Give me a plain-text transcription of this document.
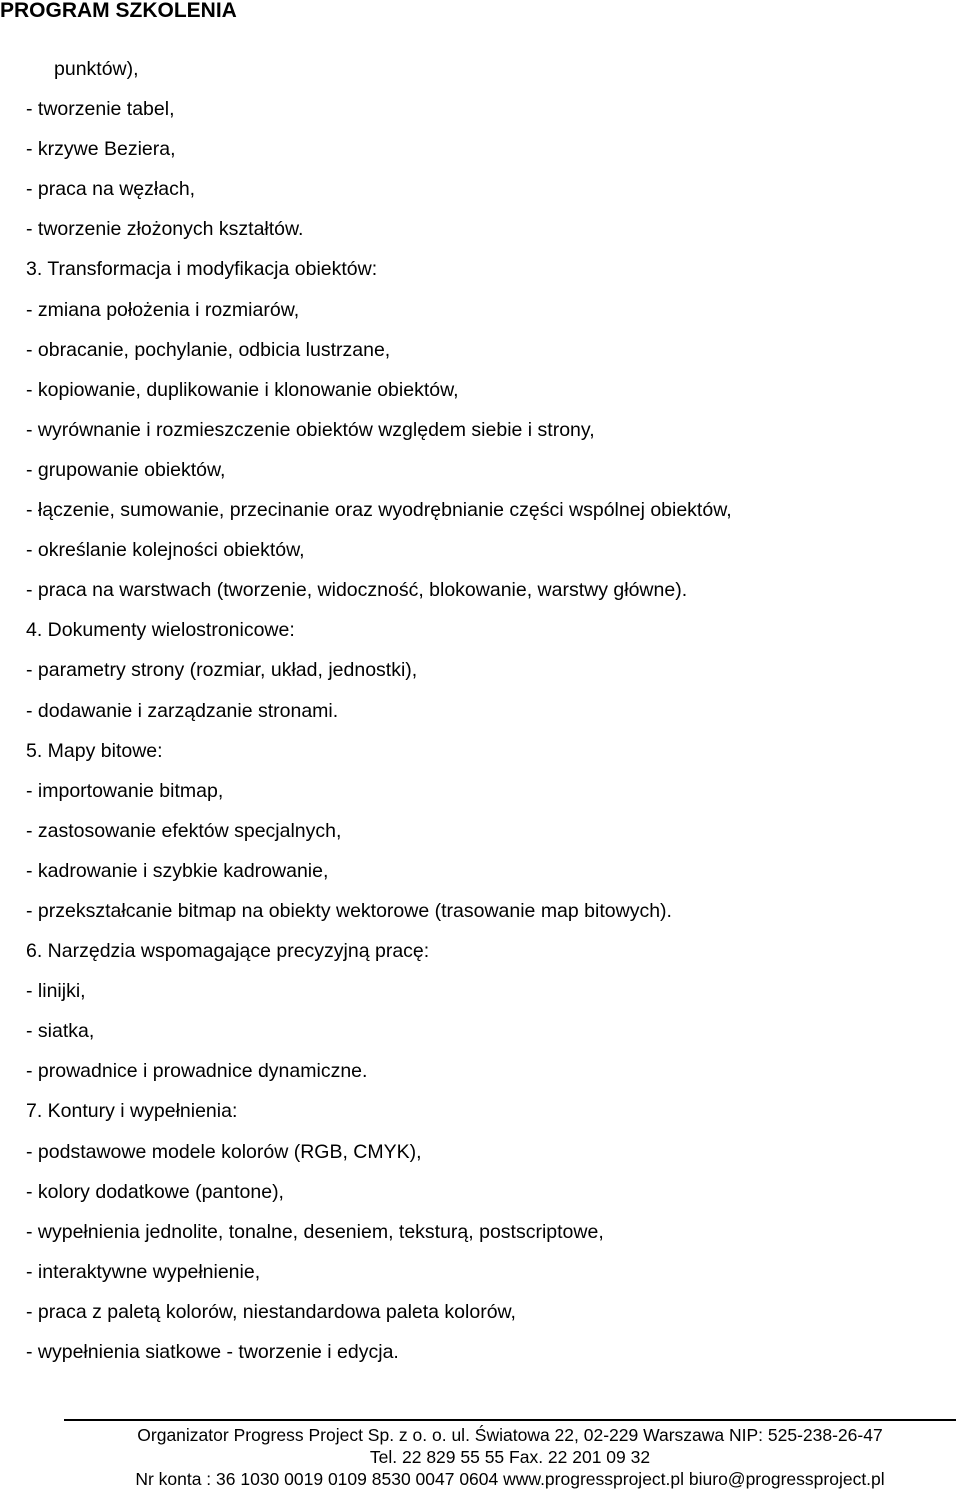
PROGRAM SZKOLENIA
punktów),
- tworzenie tabel,
- krzywe Beziera,
- praca na węzłach,
- tworzenie złożonych kształtów.
3. Transformacja i modyfikacja obiektów:
- zmiana położenia i rozmiarów,
- obracanie, pochylanie, odbicia lustrzane,
- kopiowanie, duplikowanie i klonowanie obiektów,
- wyrównanie i rozmieszczenie obiektów względem siebie i strony,
- grupowanie obiektów,
- łączenie, sumowanie, przecinanie oraz wyodrębnianie części wspólnej obiektów,
- określanie kolejności obiektów,
- praca na warstwach (tworzenie, widoczność, blokowanie, warstwy główne).
4. Dokumenty wielostronicowe:
- parametry strony (rozmiar, układ, jednostki),
- dodawanie i zarządzanie stronami.
5. Mapy bitowe:
- importowanie bitmap,
- zastosowanie efektów specjalnych,
- kadrowanie i szybkie kadrowanie,
- przekształcanie bitmap na obiekty wektorowe (trasowanie map bitowych).
6. Narzędzia wspomagające precyzyjną pracę:
- linijki,
- siatka,
- prowadnice i prowadnice dynamiczne.
7. Kontury i wypełnienia:
- podstawowe modele kolorów (RGB, CMYK),
- kolory dodatkowe (pantone),
- wypełnienia jednolite, tonalne, deseniem, teksturą, postscriptowe,
- interaktywne wypełnienie,
- praca z paletą kolorów, niestandardowa paleta kolorów,
- wypełnienia siatkowe - tworzenie i edycja.
Organizator Progress Project Sp. z o. o. ul. Światowa 22, 02-229 Warszawa NIP: 525-238-26-47
Tel. 22 829 55 55 Fax. 22 201 09 32
Nr konta : 36 1030 0019 0109 8530 0047 0604 www.progressproject.pl biuro@progressproject.pl
